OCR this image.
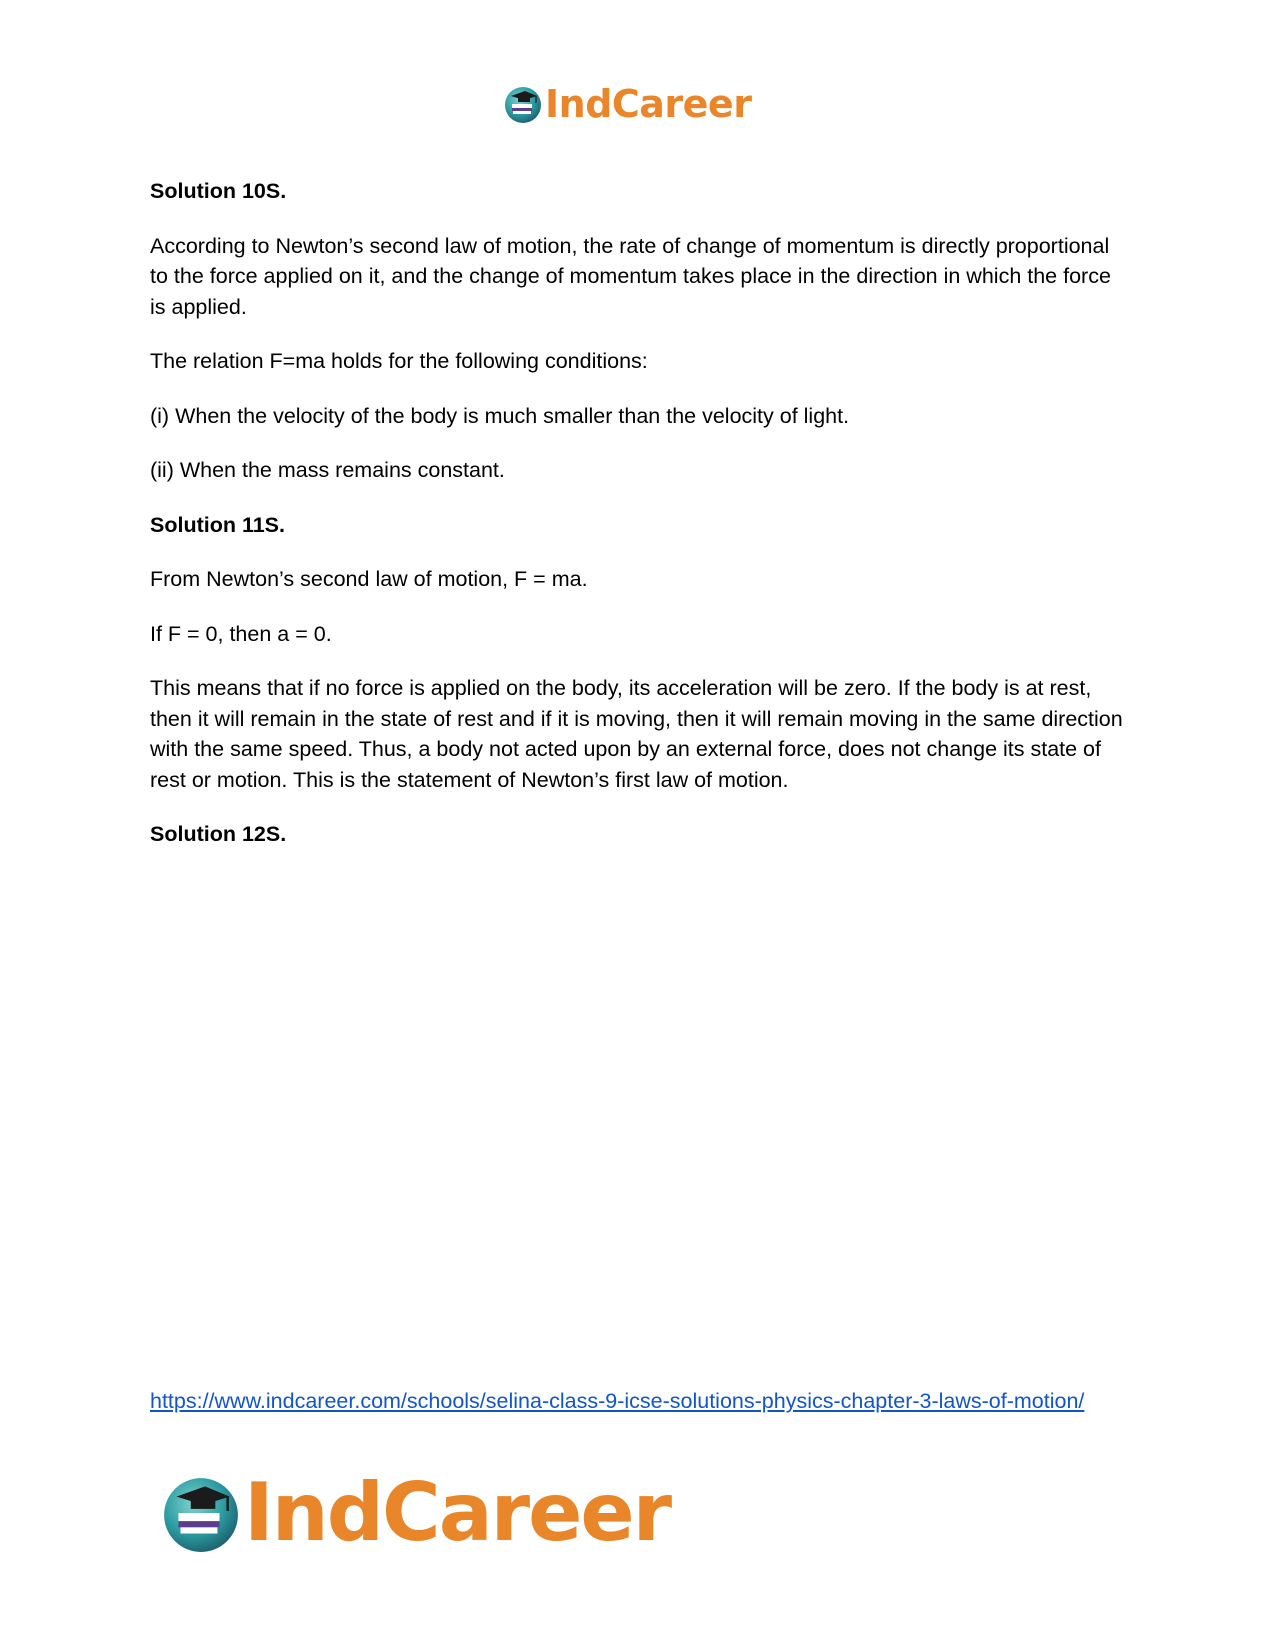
IndCareer

Solution 10S.

According to Newton’s second law of motion, the rate of change of momentum is directly proportional to the force applied on it, and the change of momentum takes place in the direction in which the force is applied.

The relation F=ma holds for the following conditions:

(i) When the velocity of the body is much smaller than the velocity of light.

(ii) When the mass remains constant.

Solution 11S.

From Newton’s second law of motion, F = ma.

If F = 0, then a = 0.

This means that if no force is applied on the body, its acceleration will be zero. If the body is at rest, then it will remain in the state of rest and if it is moving, then it will remain moving in the same direction with the same speed. Thus, a body not acted upon by an external force, does not change its state of rest or motion. This is the statement of Newton’s first law of motion.

Solution 12S.

https://www.indcareer.com/schools/selina-class-9-icse-solutions-physics-chapter-3-laws-of-motion/
IndCareer
